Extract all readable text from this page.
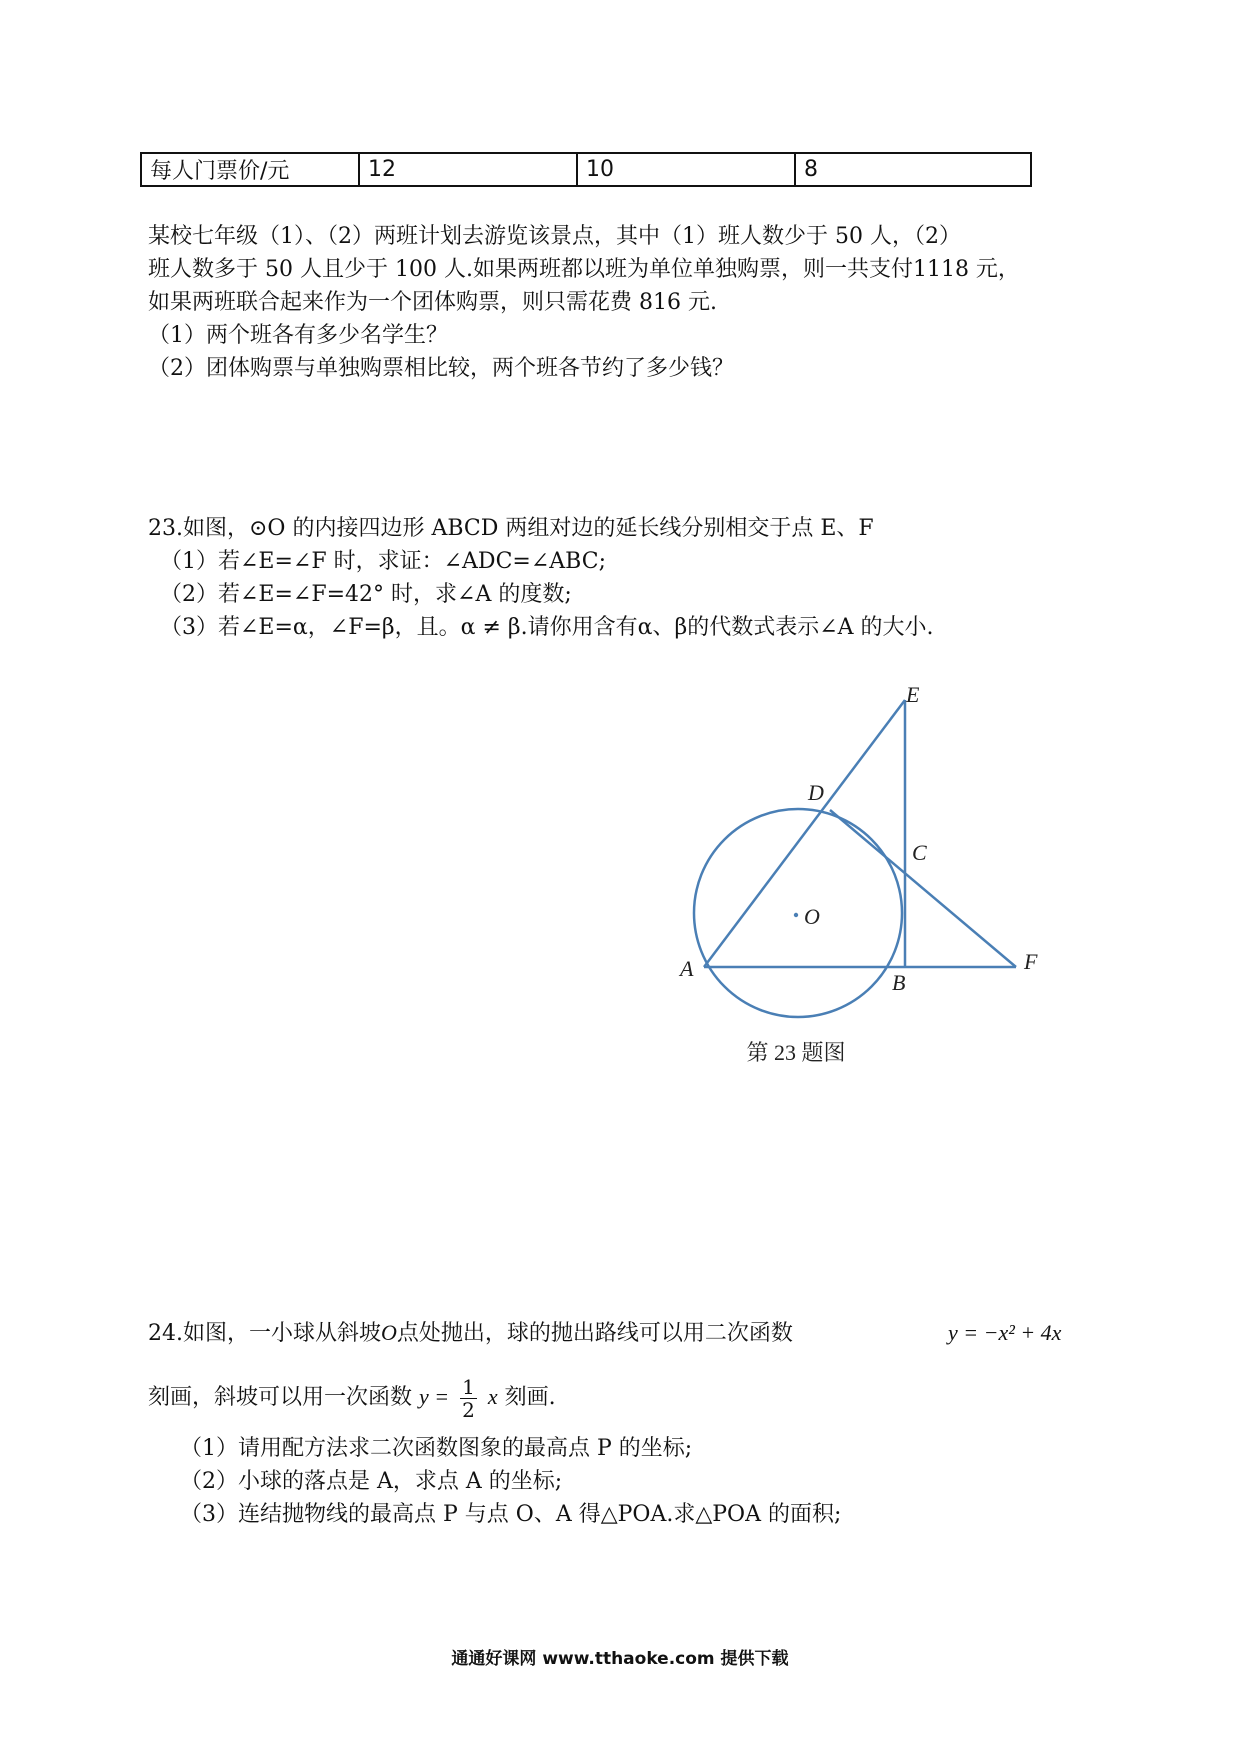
每人门票价/元	12	10	8
某校七年级（1）、（2）两班计划去游览该景点，其中（1）班人数少于 50 人，（2）
班人数多于 50 人且少于 100 人.如果两班都以班为单位单独购票，则一共支付1118 元，
如果两班联合起来作为一个团体购票，则只需花费 816 元.
（1）两个班各有多少名学生？
（2）团体购票与单独购票相比较，两个班各节约了多少钱？
23.如图，⊙O 的内接四边形 ABCD 两组对边的延长线分别相交于点 E、F
（1）若∠E=∠F 时，求证：∠ADC=∠ABC;
（2）若∠E=∠F=42° 时，求∠A 的度数;
（3）若∠E=α，∠F=β，且。α ≠ β.请你用含有α、β的代数式表示∠A 的大小.
E
D
C
O
A
B
F
第 23 题图
24.如图，一小球从斜坡O点处抛出，球的抛出路线可以用二次函数	y = −x² + 4x
刻画，斜坡可以用一次函数 $y = \frac{1}{2}$ x 刻画.
（1）请用配方法求二次函数图象的最高点 P 的坐标;
（2）小球的落点是 A，求点 A 的坐标;
（3）连结抛物线的最高点 P 与点 O、A 得△POA.求△POA 的面积;
通通好课网 www.tthaoke.com 提供下载
